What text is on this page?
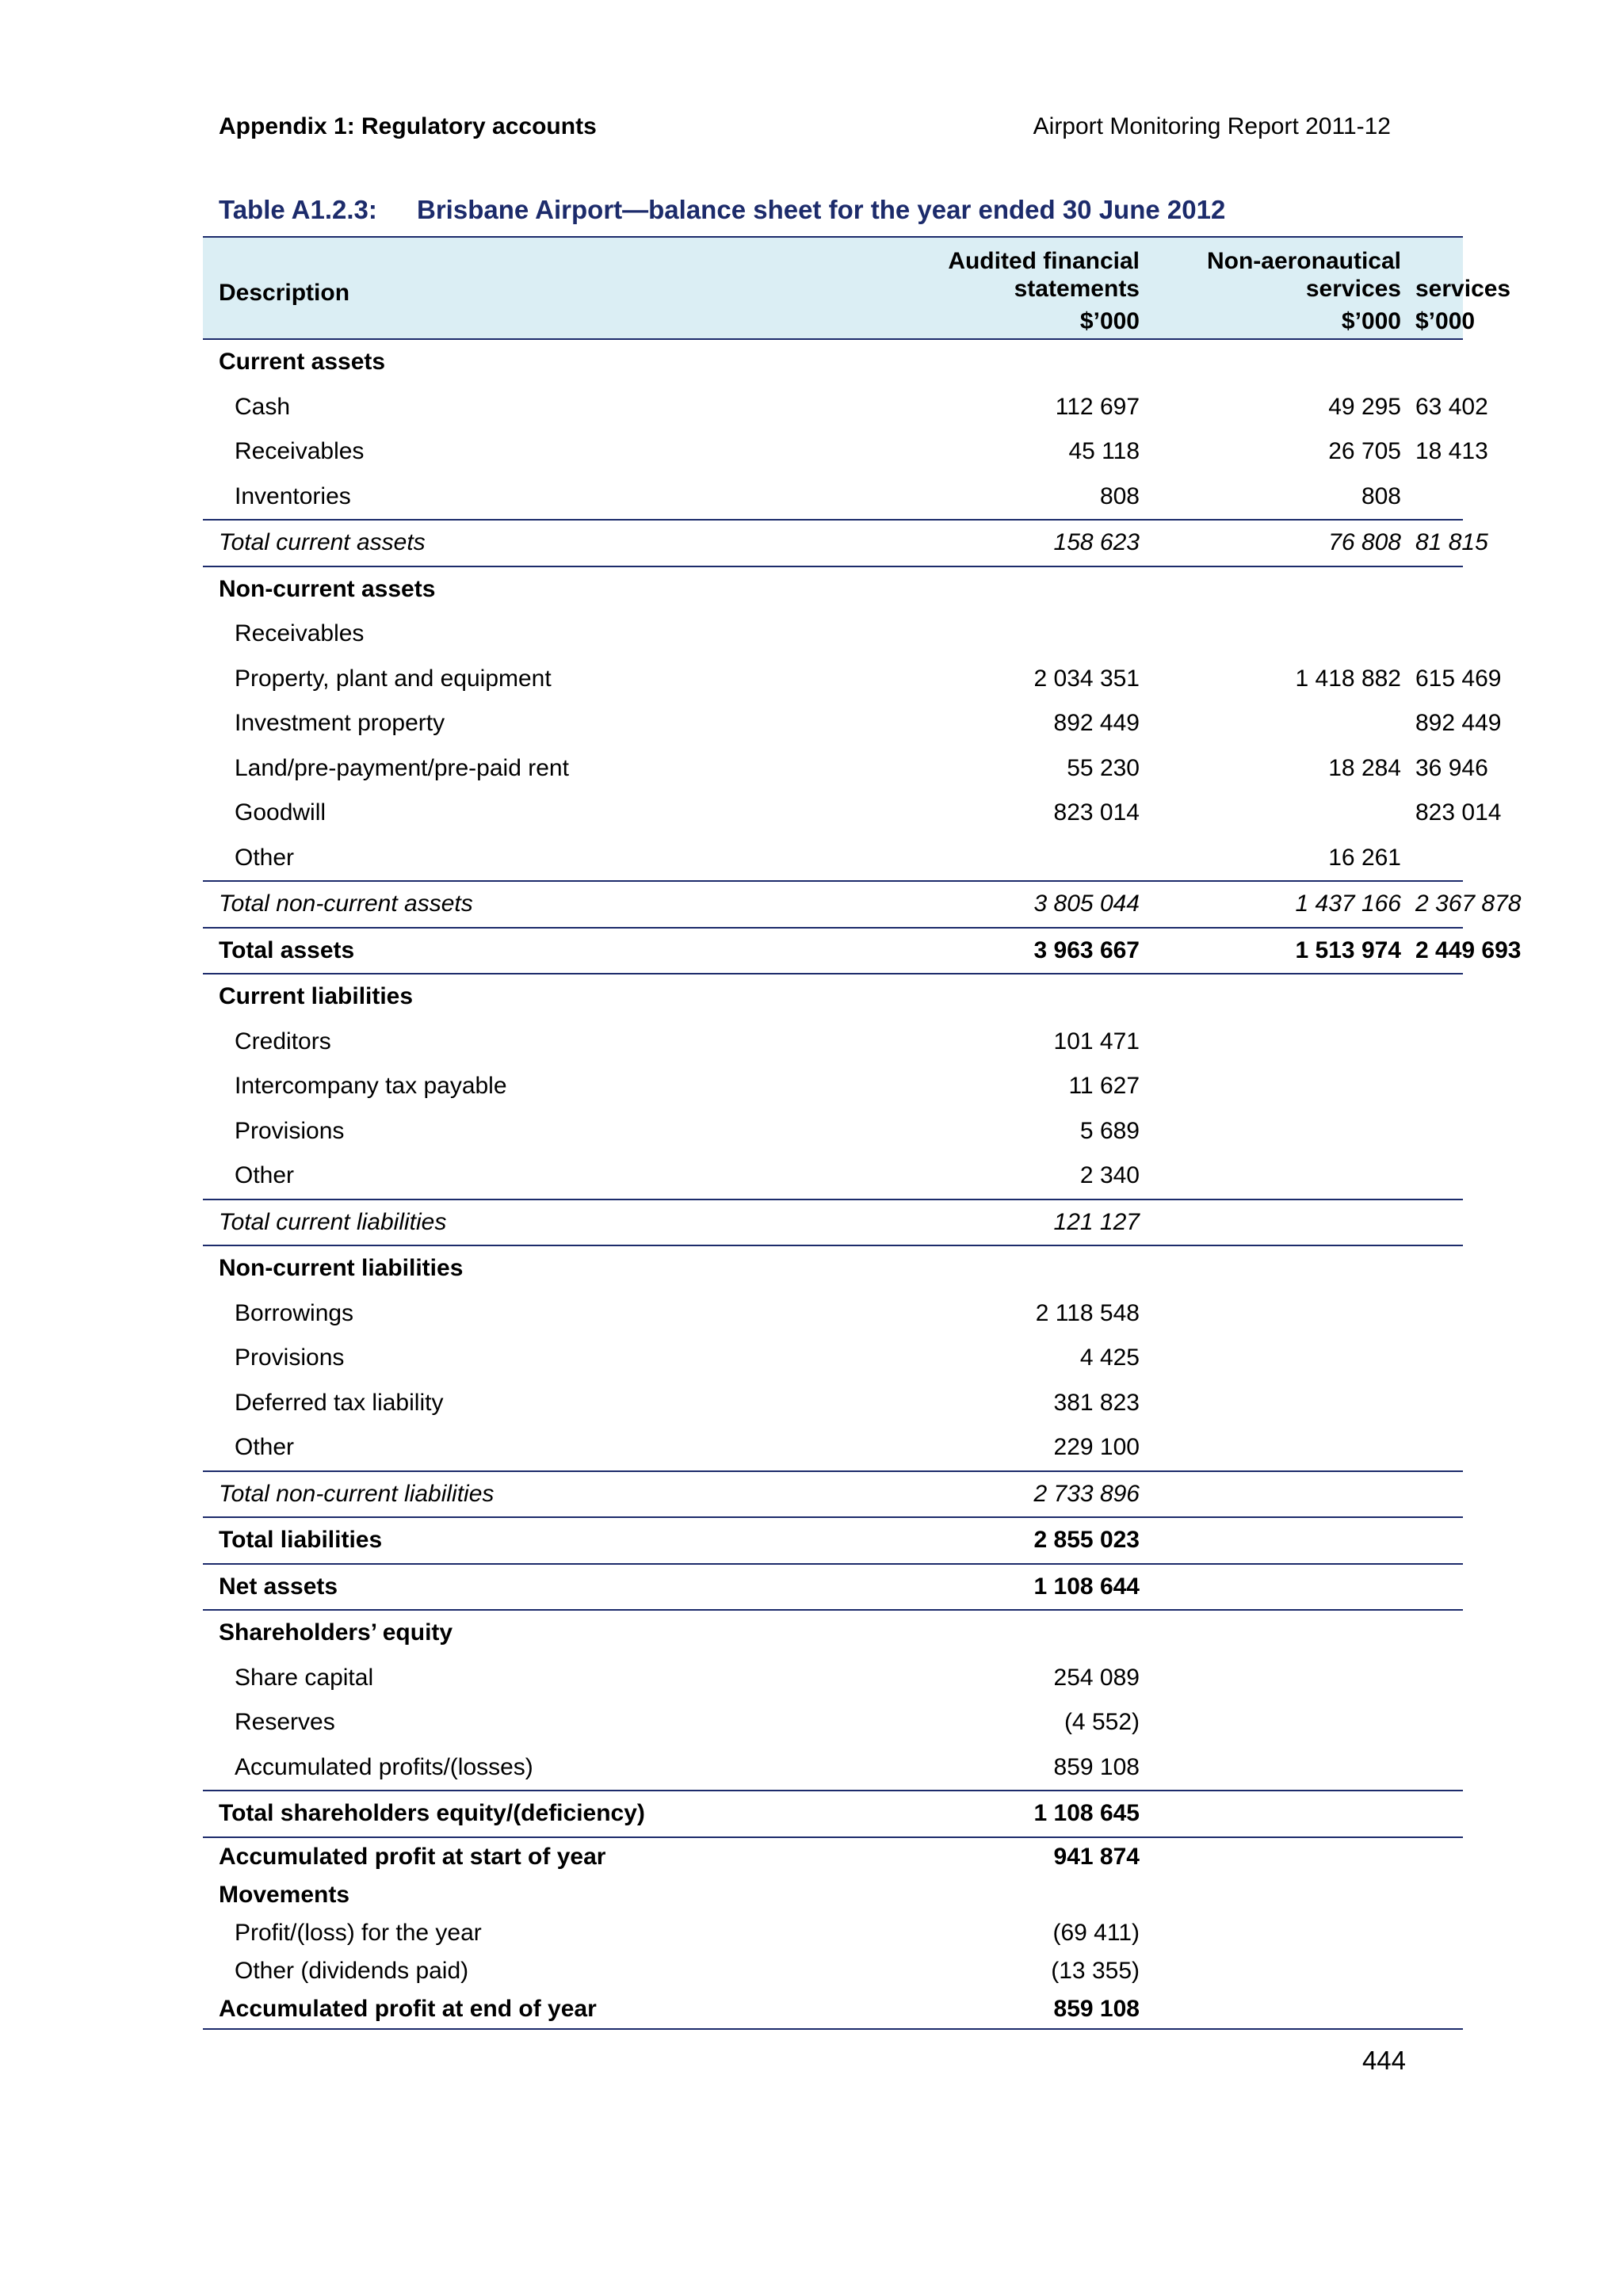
Appendix 1: Regulatory accounts	Airport Monitoring Report 2011-12
Table A1.2.3: Brisbane Airport—balance sheet for the year ended 30 June 2012
Description	Audited financial	Non-aeronautical	
	statements	services	services
	$’000	$’000	$’000
Current assets			
Cash	112 697	49 295	63 402
Receivables	45 118	26 705	18 413
Inventories	808	808	
Total current assets	158 623	76 808	81 815
Non-current assets			
Receivables			
Property, plant and equipment	2 034 351	1 418 882	615 469
Investment property	892 449		892 449
Land/pre-payment/pre-paid rent	55 230	18 284	36 946
Goodwill	823 014		823 014
Other		16 261	
Total non-current assets	3 805 044	1 437 166	2 367 878
Total assets	3 963 667	1 513 974	2 449 693
Current liabilities			
Creditors	101 471		
Intercompany tax payable	11 627		
Provisions	5 689		
Other	2 340		
Total current liabilities	121 127		
Non-current liabilities			
Borrowings	2 118 548		
Provisions	4 425		
Deferred tax liability	381 823		
Other	229 100		
Total non-current liabilities	2 733 896		
Total liabilities	2 855 023		
Net assets	1 108 644		
Shareholders’ equity			
Share capital	254 089		
Reserves	(4 552)		
Accumulated profits/(losses)	859 108		
Total shareholders equity/(deficiency)	1 108 645		
Accumulated profit at start of year	941 874		
Movements			
Profit/(loss) for the year	(69 411)		
Other (dividends paid)	(13 355)		
Accumulated profit at end of year	859 108		
444
